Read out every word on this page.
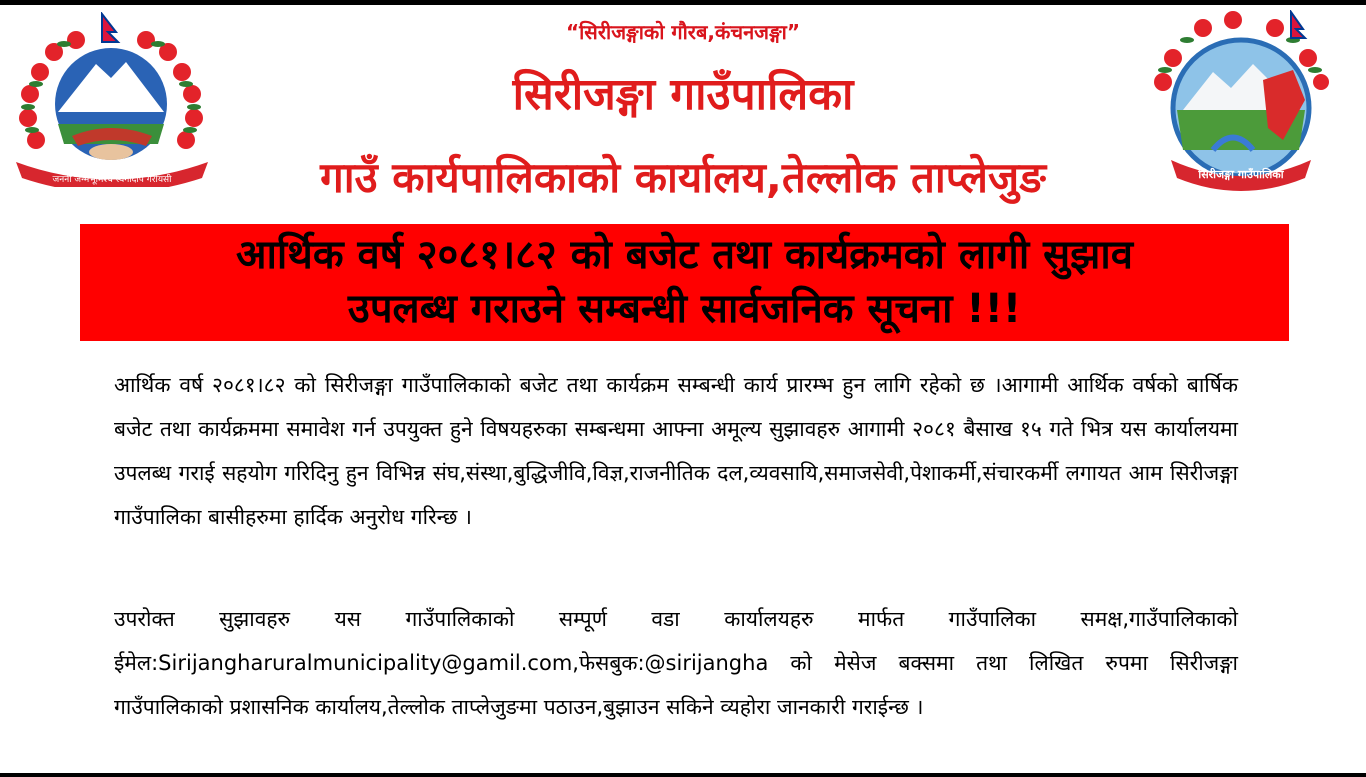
जननी जन्मभूमिश्च स्वर्गादपि गरीयसी	सिरीजङ्गा गाउँपालिका
“सिरीजङ्गाको गौरब,कंचनजङ्गा”
सिरीजङ्गा गाउँपालिका
गाउँ कार्यपालिकाको कार्यालय,तेल्लोक ताप्लेजुङ
आर्थिक वर्ष २०८१।८२ को बजेट तथा कार्यक्रमको लागी सुझाव
उपलब्ध गराउने सम्बन्धी सार्वजनिक सूचना !!!
आर्थिक वर्ष २०८१।८२ को सिरीजङ्गा गाउँपालिकाको बजेट तथा कार्यक्रम सम्बन्धी कार्य प्रारम्भ हुन लागि रहेको छ ।आगामी आर्थिक वर्षको बार्षिक बजेट तथा कार्यक्रममा समावेश गर्न उपयुक्त हुने विषयहरुका सम्बन्धमा आफ्ना अमूल्य सुझावहरु आगामी २०८१ बैसाख १५ गते भित्र यस कार्यालयमा उपलब्ध गराई सहयोग गरिदिनु हुन विभिन्न संघ,संस्था,बुद्धिजीवि,विज्ञ,राजनीतिक दल,व्यवसायि,समाजसेवी,पेशाकर्मी,संचारकर्मी लगायत आम सिरीजङ्गा गाउँपालिका बासीहरुमा हार्दिक अनुरोध गरिन्छ ।
उपरोक्त सुझावहरु यस गाउँपालिकाको सम्पूर्ण वडा कार्यालयहरु मार्फत गाउँपालिका समक्ष,गाउँपालिकाको ईमेल:Sirijangharuralmunicipality@gamil.com,फेसबुक:@sirijangha को मेसेज बक्समा तथा लिखित रुपमा सिरीजङ्गा गाउँपालिकाको प्रशासनिक कार्यालय,तेल्लोक ताप्लेजुङमा पठाउन,बुझाउन सकिने व्यहोरा जानकारी गराईन्छ ।
